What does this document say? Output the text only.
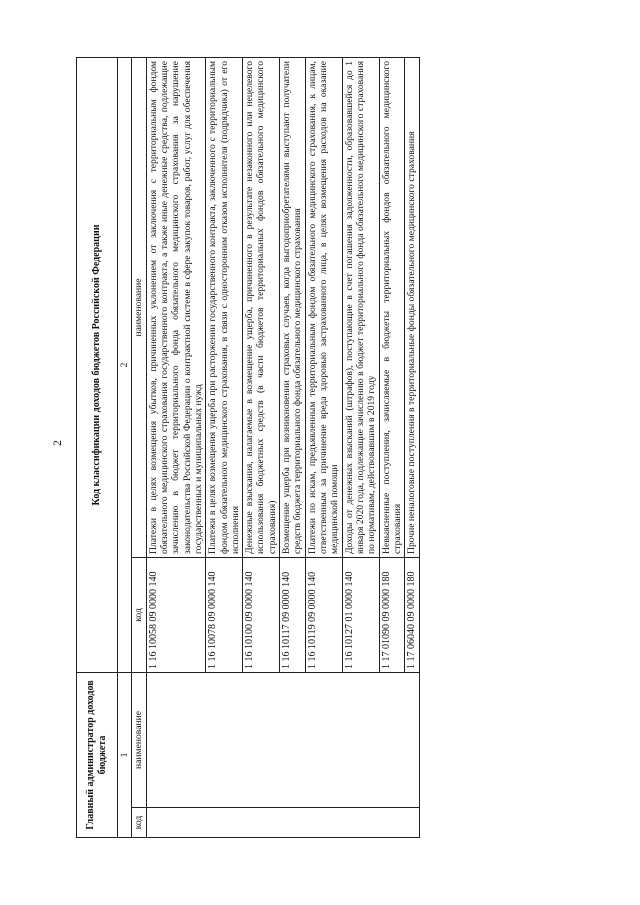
2
Главный администратор доходов бюджета		Код классификации доходов бюджетов Российской Федерации	
1		2	
код	наименование	код	наименование
		1 16 10058 09 0000 140	Платежи в целях возмещения убытков, причиненных уклонением от заключения с территориальным фондом обязательного медицинского страхования государственного контракта, а также иные денежные средства, подлежащие зачислению в бюджет территориального фонда обязательного медицинского страхования за нарушение законодательства Российской Федерации о контрактной системе в сфере закупок товаров, работ, услуг для обеспечения государственных и муниципальных нужд
		1 16 10078 09 0000 140	Платежи в целях возмещения ущерба при расторжении государственного контракта, заключенного с территориальным фондом обязательного медицинского страхования, в связи с односторонним отказом исполнителя (подрядчика) от его исполнения
		1 16 10100 09 0000 140	Денежные взыскания, налагаемые в возмещение ущерба, причиненного в результате незаконного или нецелевого использования бюджетных средств (в части бюджетов территориальных фондов обязательного медицинского страхования)
		1 16 10117 09 0000 140	Возмещение ущерба при возникновении страховых случаев, когда выгодоприобретателями выступают получатели средств бюджета территориального фонда обязательного медицинского страхования
		1 16 10119 09 0000 140	Платежи по искам, предъявленным территориальным фондом обязательного медицинского страхования, к лицам, ответственным за причинение вреда здоровью застрахованного лица, в целях возмещения расходов на оказание медицинской помощи
		1 16 10127 01 0000 140	Доходы от денежных взысканий (штрафов), поступающие в счет погашения задолженности, образовавшейся до 1 января 2020 года, подлежащие зачислению в бюджет территориального фонда обязательного медицинского страхования по нормативам, действовавшим в 2019 году
		1 17 01090 09 0000 180	Невыясненные поступления, зачисляемые в бюджеты территориальных фондов обязательного медицинского страхования
		1 17 06040 09 0000 180	Прочие неналоговые поступления в территориальные фонды обязательного медицинского страхования
